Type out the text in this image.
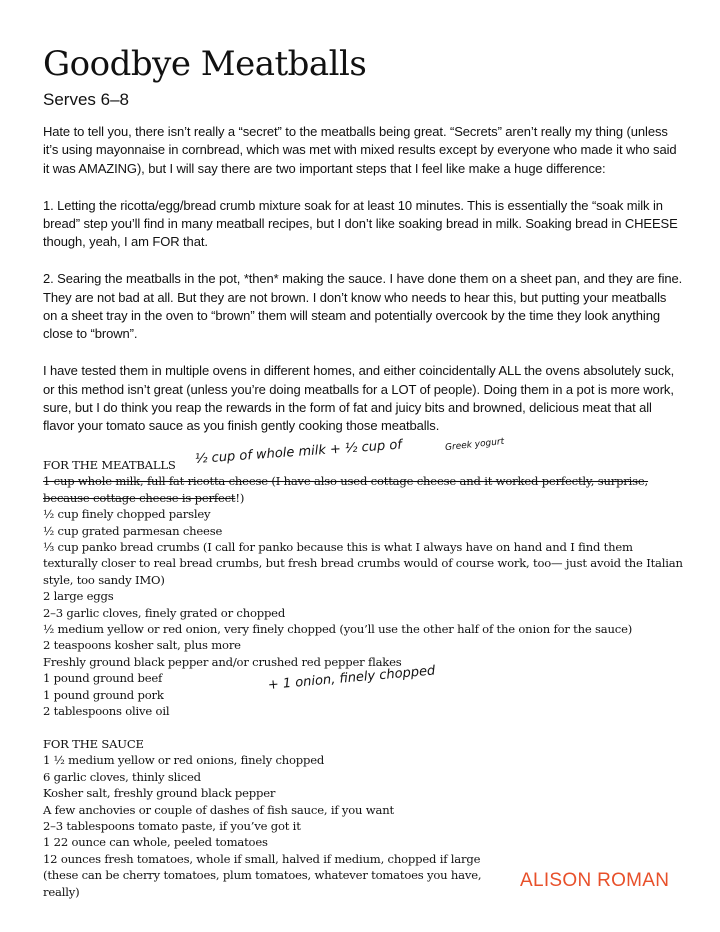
Goodbye Meatballs
Serves 6–8

Hate to tell you, there isn’t really a “secret” to the meatballs being great. “Secrets” aren’t really my thing (unless it’s using mayonnaise in cornbread, which was met with mixed results except by everyone who made it who said it was AMAZING), but I will say there are two important steps that I feel like make a huge difference:

1. Letting the ricotta/egg/bread crumb mixture soak for at least 10 minutes. This is essentially the “soak milk in bread” step you’ll find in many meatball recipes, but I don’t like soaking bread in milk. Soaking bread in CHEESE though, yeah, I am FOR that.

2. Searing the meatballs in the pot, *then* making the sauce. I have done them on a sheet pan, and they are fine. They are not bad at all. But they are not brown. I don’t know who needs to hear this, but putting your meatballs on a sheet tray in the oven to “brown” them will steam and potentially overcook by the time they look anything close to “brown”.

I have tested them in multiple ovens in different homes, and either coincidentally ALL the ovens absolutely suck, or this method isn’t great (unless you’re doing meatballs for a LOT of people). Doing them in a pot is more work, sure, but I do think you reap the rewards in the form of fat and juicy bits and browned, delicious meat that all flavor your tomato sauce as you finish gently cooking those meatballs.

FOR THE MEATBALLS
1 cup whole milk, full fat ricotta cheese (I have also used cottage cheese and it worked perfectly, surprise, because cottage cheese is perfect!)
½ cup finely chopped parsley
½ cup grated parmesan cheese
⅓ cup panko bread crumbs (I call for panko because this is what I always have on hand and I find them texturally closer to real bread crumbs, but fresh bread crumbs would of course work, too— just avoid the Italian style, too sandy IMO)
2 large eggs
2–3 garlic cloves, finely grated or chopped
½ medium yellow or red onion, very finely chopped (you’ll use the other half of the onion for the sauce)
2 teaspoons kosher salt, plus more
Freshly ground black pepper and/or crushed red pepper flakes
1 pound ground beef
1 pound ground pork
2 tablespoons olive oil
FOR THE SAUCE
1 ½ medium yellow or red onions, finely chopped
6 garlic cloves, thinly sliced
Kosher salt, freshly ground black pepper
A few anchovies or couple of dashes of fish sauce, if you want
2–3 tablespoons tomato paste, if you’ve got it
1 22 ounce can whole, peeled tomatoes
12 ounces fresh tomatoes, whole if small, halved if medium, chopped if large (these can be cherry tomatoes, plum tomatoes, whatever tomatoes you have, really)
½ cup of whole milk + ½ cup of	Greek yogurt
+ 1 onion, finely chopped
ALISON ROMAN
